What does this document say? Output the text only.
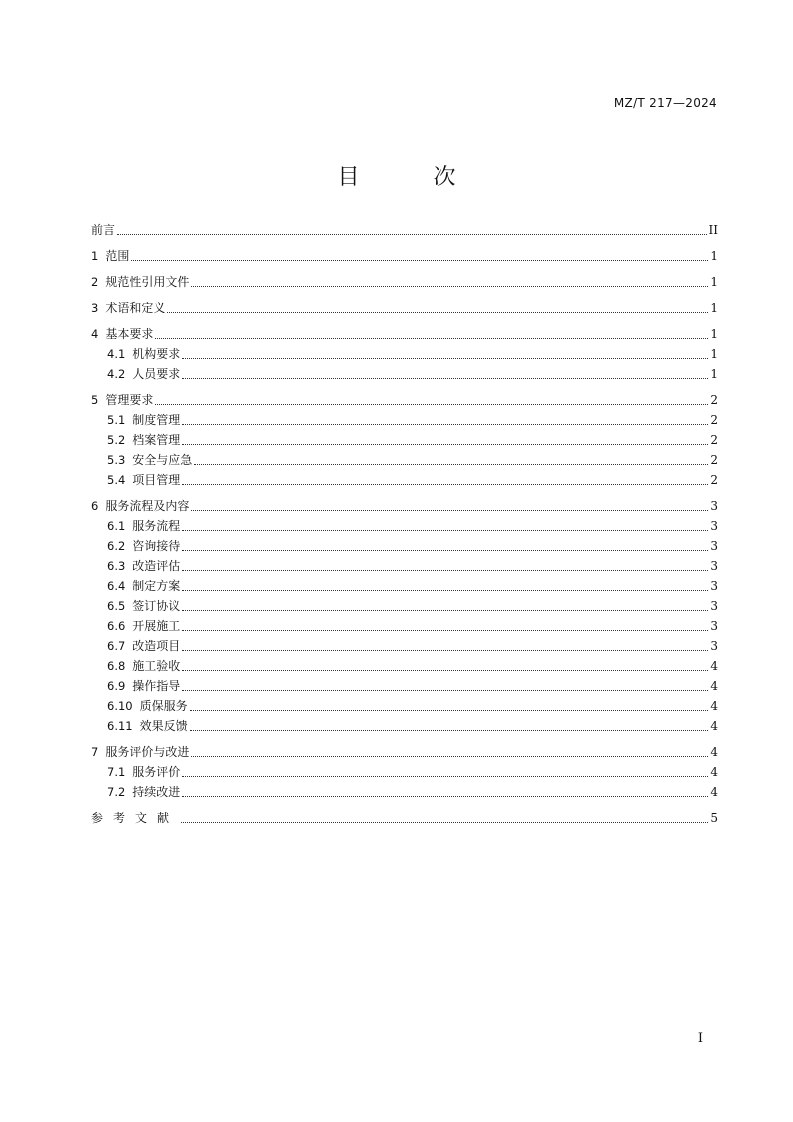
MZ/T 217—2024
目　次
前言	II
1 范围	1
2 规范性引用文件	1
3 术语和定义	1
4 基本要求	1
4.1 机构要求	1
4.2 人员要求	1
5 管理要求	2
5.1 制度管理	2
5.2 档案管理	2
5.3 安全与应急	2
5.4 项目管理	2
6 服务流程及内容	3
6.1 服务流程	3
6.2 咨询接待	3
6.3 改造评估	3
6.4 制定方案	3
6.5 签订协议	3
6.6 开展施工	3
6.7 改造项目	3
6.8 施工验收	4
6.9 操作指导	4
6.10 质保服务	4
6.11 效果反馈	4
7 服务评价与改进	4
7.1 服务评价	4
7.2 持续改进	4
参考文献	5
I
